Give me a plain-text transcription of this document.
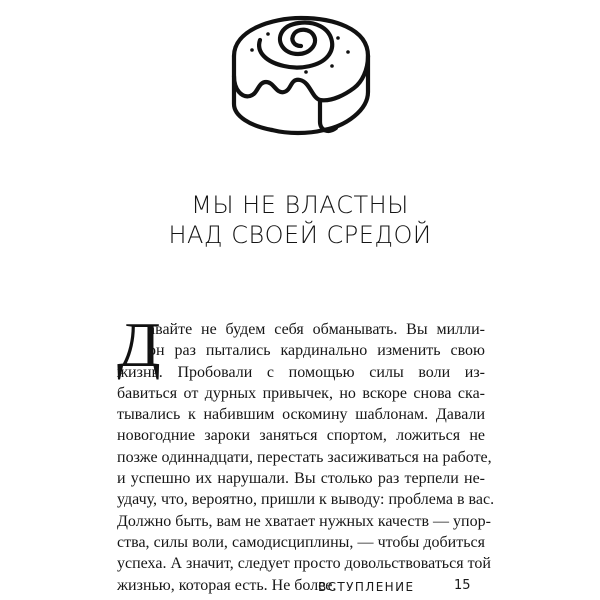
МЫ НЕ ВЛАСТНЫ
НАД СВОЕЙ СРЕДОЙ
Д
авайте не будем себя обманывать. Вы милли-
он раз пытались кардинально изменить свою
жизнь. Пробовали с помощью силы воли из-
бавиться от дурных привычек, но вскоре снова ска-
тывались к набившим оскомину шаблонам. Давали
новогодние зароки заняться спортом, ложиться не
позже одиннадцати, перестать засиживаться на работе,
и успешно их нарушали. Вы столько раз терпели не-
удачу, что, вероятно, пришли к выводу: проблема в вас.
Должно быть, вам не хватает нужных качеств — упор-
ства, силы воли, самодисциплины, — чтобы добиться
успеха. А значит, следует просто довольствоваться той
жизнью, которая есть. Не более.
ВСТУПЛЕНИЕ	15
